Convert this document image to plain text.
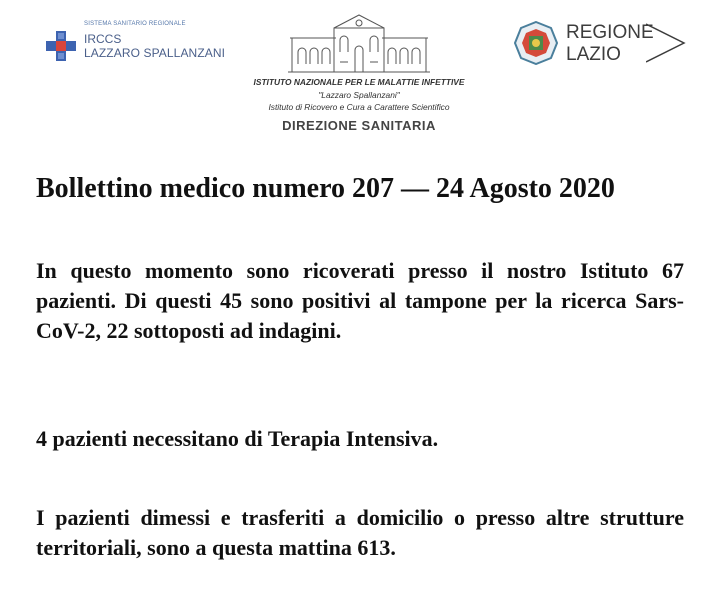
SISTEMA SANITARIO REGIONALE
IRCCS
LAZZARO SPALLANZANI
ISTITUTO NAZIONALE PER LE MALATTIE INFETTIVE
"Lazzaro Spallanzani"
Istituto di Ricovero e Cura a Carattere Scientifico
DIREZIONE SANITARIA
REGIONE
LAZIO
Bollettino medico numero 207 — 24 Agosto 2020
In questo momento sono ricoverati presso il nostro Istituto 67 pazienti. Di questi 45 sono positivi al tampone per la ricerca Sars-CoV-2, 22 sottoposti ad indagini.
4 pazienti necessitano di Terapia Intensiva.
I pazienti dimessi e trasferiti a domicilio o presso altre strutture territoriali, sono a questa mattina 613.
